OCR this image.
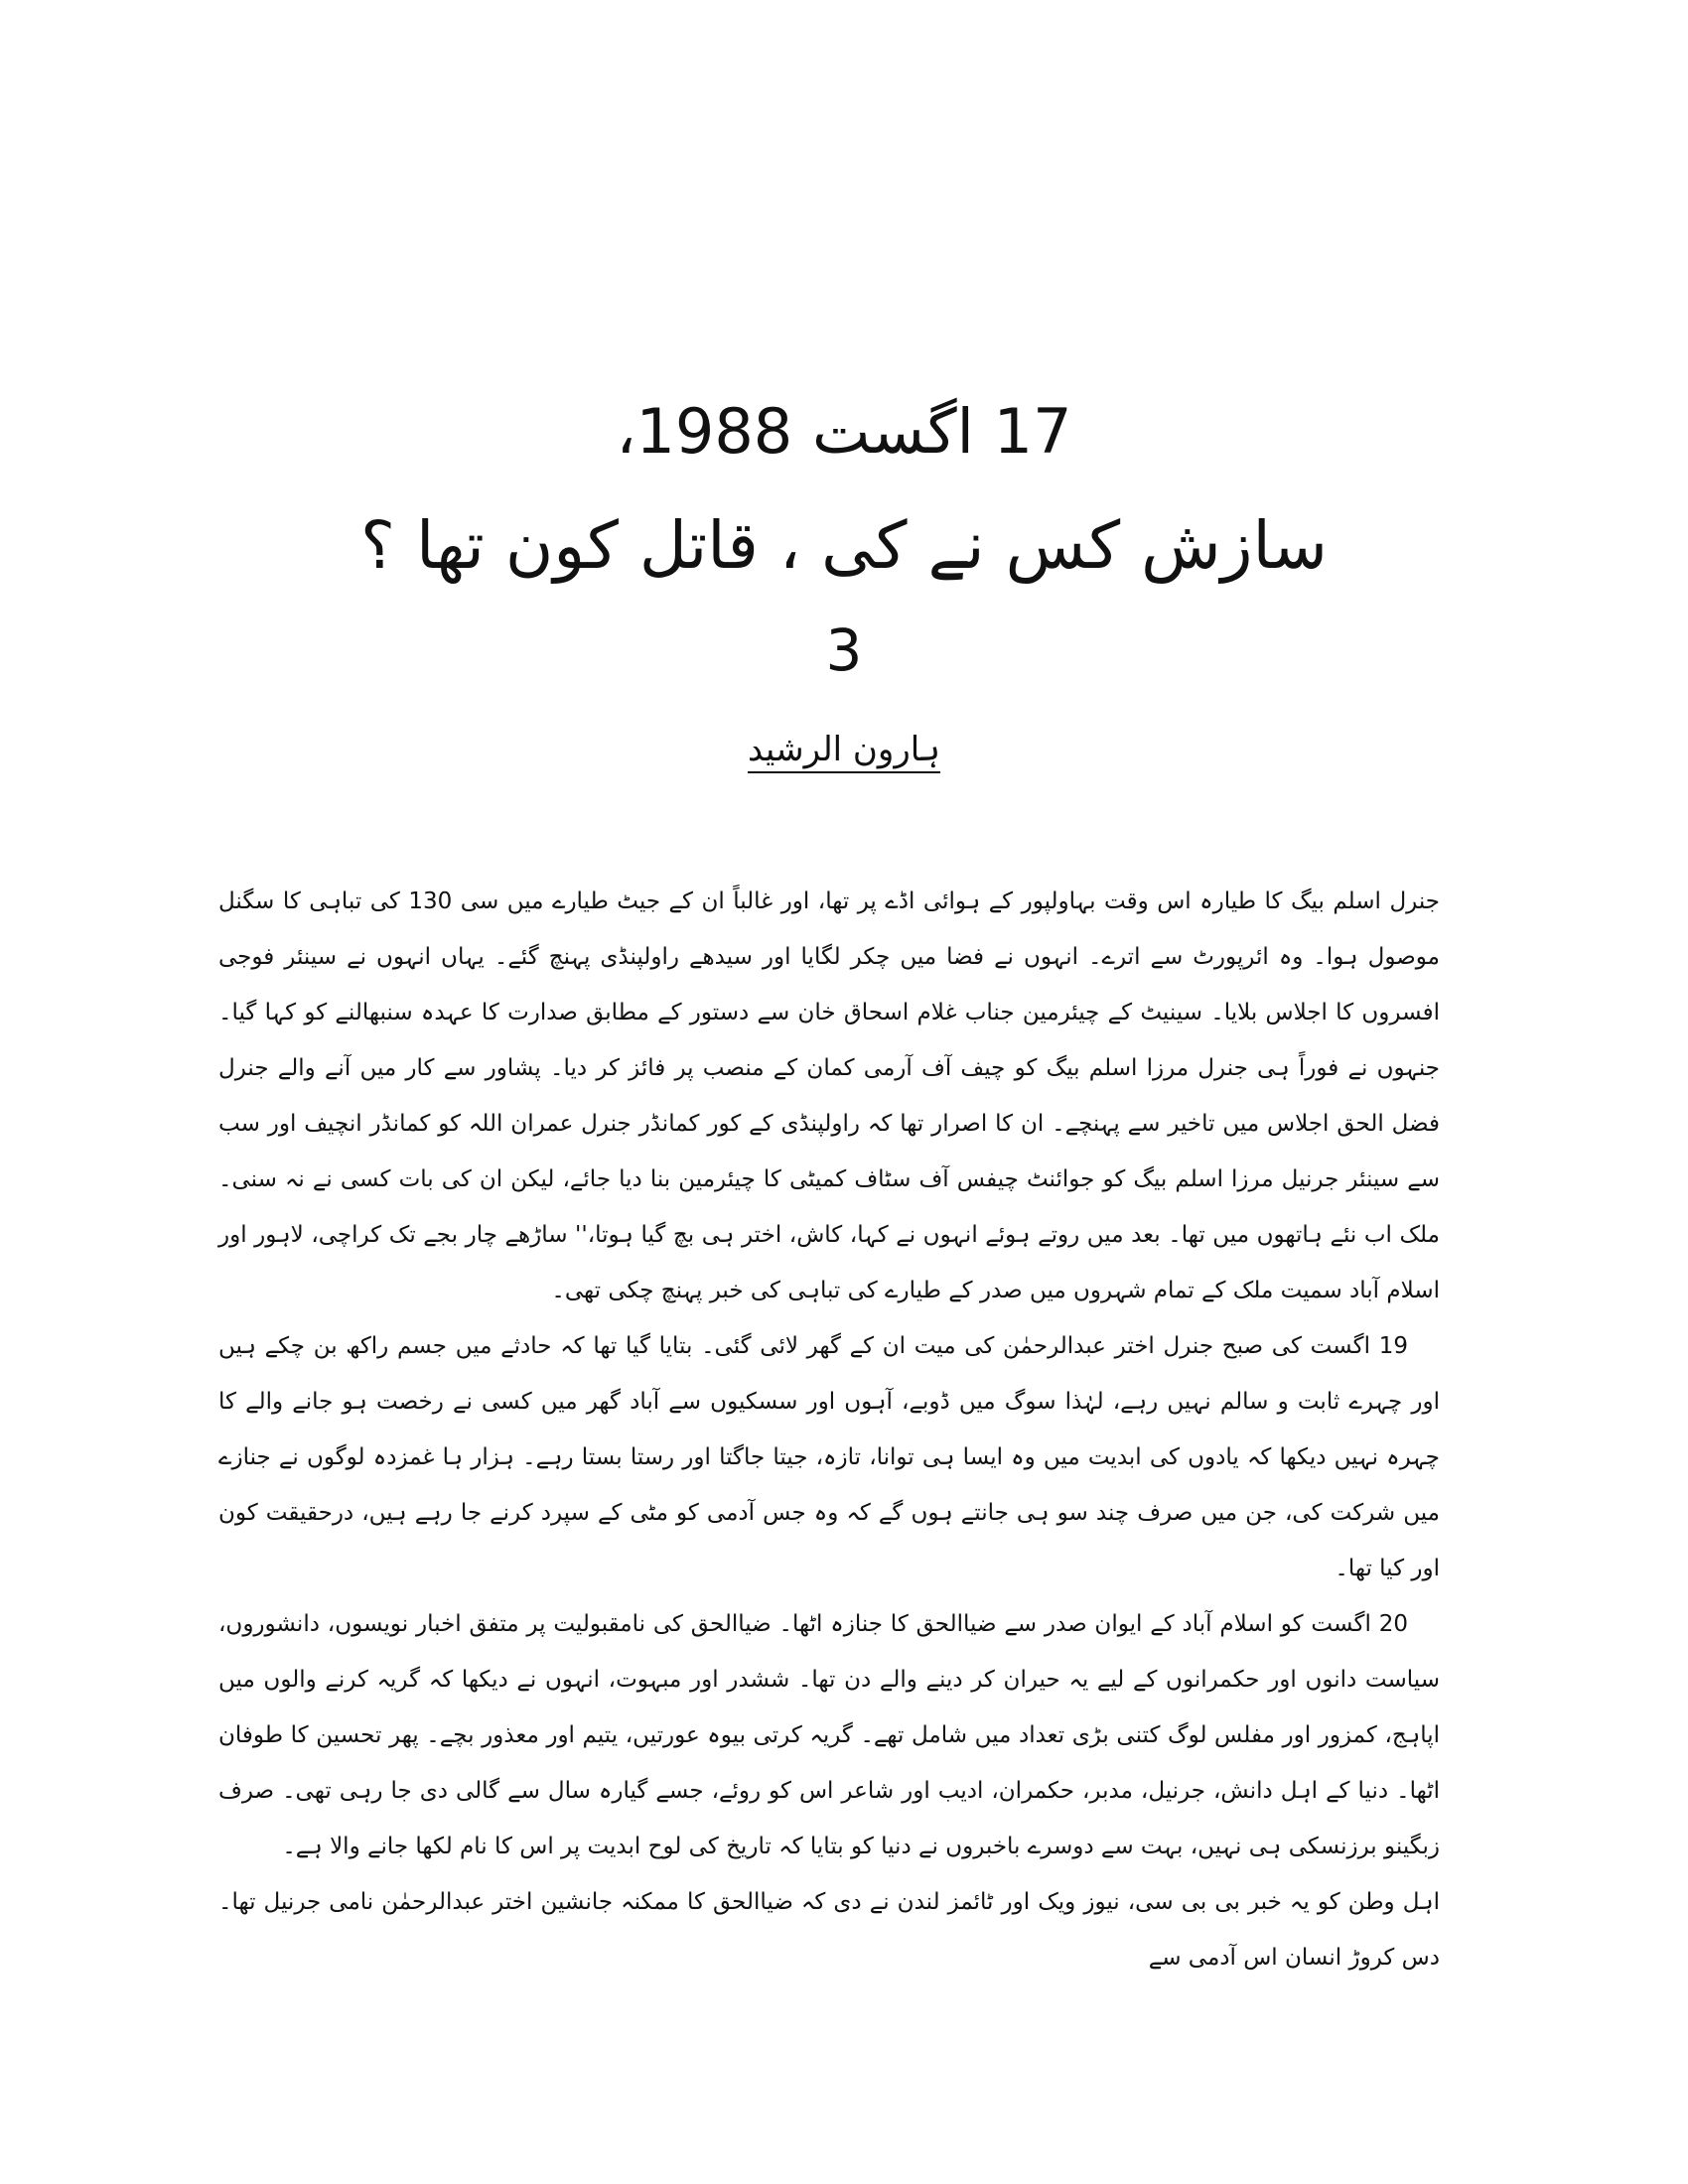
17 اگست 1988،
سازش کس نے کی ، قاتل کون تھا ؟
3
ہارون الرشید

جنرل اسلم بیگ کا طیارہ اس وقت بہاولپور کے ہوائی اڈے پر تھا، اور غالباً ان کے جیٹ طیارے میں سی 130 کی تباہی کا سگنل موصول ہوا۔ وہ ائرپورٹ سے اترے۔ انہوں نے فضا میں چکر لگایا اور سیدھے راولپنڈی پہنچ گئے۔ یہاں انہوں نے سینئر فوجی افسروں کا اجلاس بلایا۔ سینیٹ کے چیئرمین جناب غلام اسحاق خان سے دستور کے مطابق صدارت کا عہدہ سنبھالنے کو کہا گیا۔ جنہوں نے فوراً ہی جنرل مرزا اسلم بیگ کو چیف آف آرمی کمان کے منصب پر فائز کر دیا۔ پشاور سے کار میں آنے والے جنرل فضل الحق اجلاس میں تاخیر سے پہنچے۔ ان کا اصرار تھا کہ راولپنڈی کے کور کمانڈر جنرل عمران اللہ کو کمانڈر انچیف اور سب سے سینئر جرنیل مرزا اسلم بیگ کو جوائنٹ چیفس آف سٹاف کمیٹی کا چیئرمین بنا دیا جائے، لیکن ان کی بات کسی نے نہ سنی۔ ملک اب نئے ہاتھوں میں تھا۔ بعد میں روتے ہوئے انہوں نے کہا، کاش، اختر ہی بچ گیا ہوتا،'' ساڑھے چار بجے تک کراچی، لاہور اور اسلام آباد سمیت ملک کے تمام شہروں میں صدر کے طیارے کی تباہی کی خبر پہنچ چکی تھی۔

19 اگست کی صبح جنرل اختر عبدالرحمٰن کی میت ان کے گھر لائی گئی۔ بتایا گیا تھا کہ حادثے میں جسم راکھ بن چکے ہیں اور چہرے ثابت و سالم نہیں رہے، لہٰذا سوگ میں ڈوبے، آہوں اور سسکیوں سے آباد گھر میں کسی نے رخصت ہو جانے والے کا چہرہ نہیں دیکھا کہ یادوں کی ابدیت میں وہ ایسا ہی توانا، تازہ، جیتا جاگتا اور رستا بستا رہے۔ ہزار ہا غمزدہ لوگوں نے جنازے میں شرکت کی، جن میں صرف چند سو ہی جانتے ہوں گے کہ وہ جس آدمی کو مٹی کے سپرد کرنے جا رہے ہیں، درحقیقت کون اور کیا تھا۔

20 اگست کو اسلام آباد کے ایوان صدر سے ضیاالحق کا جنازہ اٹھا۔ ضیاالحق کی نامقبولیت پر متفق اخبار نویسوں، دانشوروں، سیاست دانوں اور حکمرانوں کے لیے یہ حیران کر دینے والے دن تھا۔ ششدر اور مبہوت، انہوں نے دیکھا کہ گریہ کرنے والوں میں اپاہج، کمزور اور مفلس لوگ کتنی بڑی تعداد میں شامل تھے۔ گریہ کرتی بیوہ عورتیں، یتیم اور معذور بچے۔ پھر تحسین کا طوفان اٹھا۔ دنیا کے اہل دانش، جرنیل، مدبر، حکمران، ادیب اور شاعر اس کو روئے، جسے گیارہ سال سے گالی دی جا رہی تھی۔ صرف زبگینو برزنسکی ہی نہیں، بہت سے دوسرے باخبروں نے دنیا کو بتایا کہ تاریخ کی لوح ابدیت پر اس کا نام لکھا جانے والا ہے۔

اہل وطن کو یہ خبر بی بی سی، نیوز ویک اور ٹائمز لندن نے دی کہ ضیاالحق کا ممکنہ جانشین اختر عبدالرحمٰن نامی جرنیل تھا۔ دس کروڑ انسان اس آدمی سے
